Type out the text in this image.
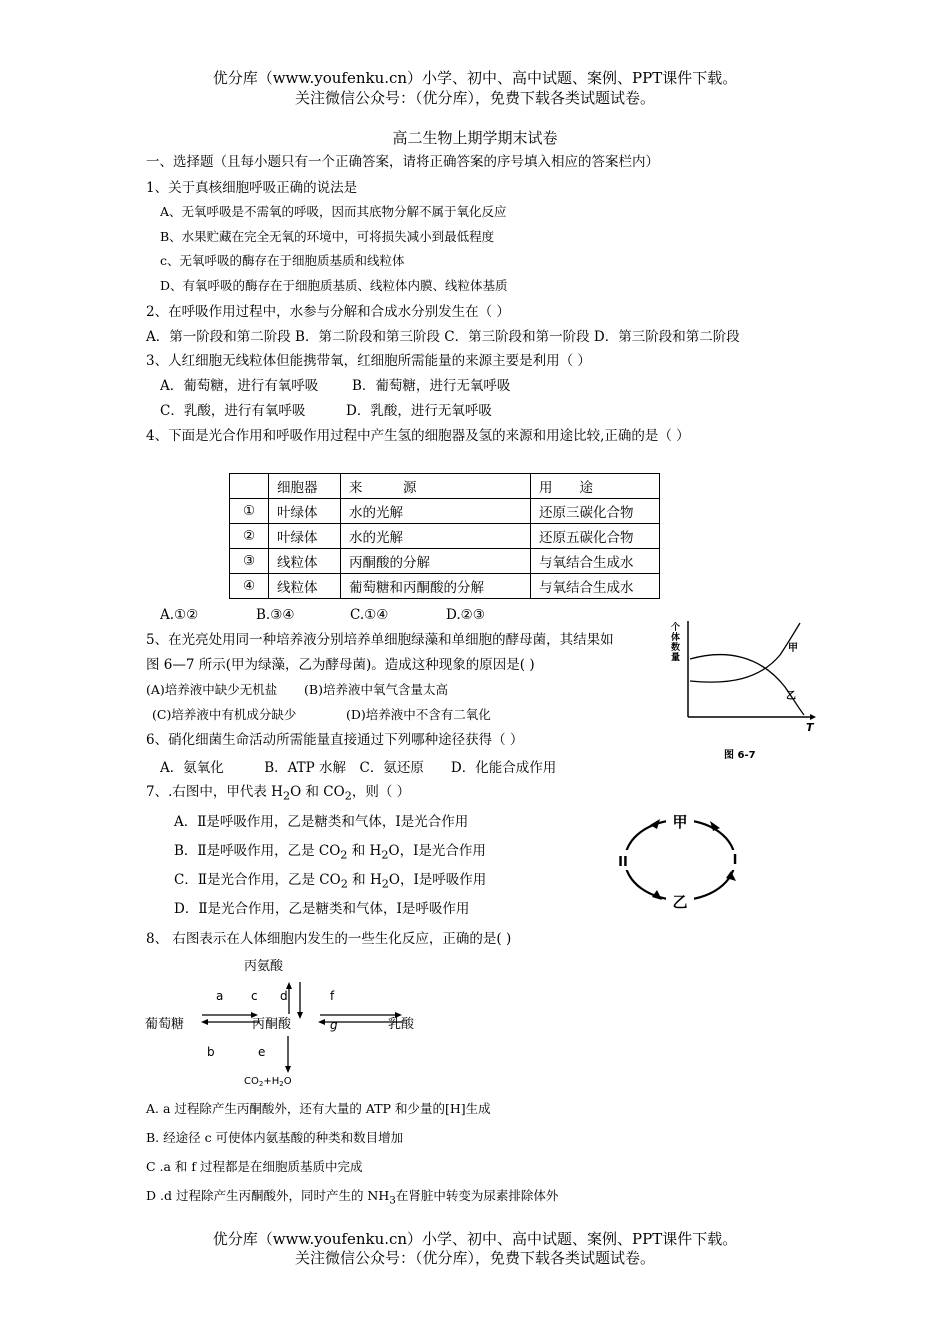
优分库（www.youfenku.cn）小学、初中、高中试题、案例、PPT课件下载。
关注微信公众号：（优分库），免费下载各类试题试卷。
高二生物上期学期末试卷
一、选择题（且每小题只有一个正确答案，请将正确答案的序号填入相应的答案栏内）
1、关于真核细胞呼吸正确的说法是
A、无氧呼吸是不需氧的呼吸，因而其底物分解不属于氧化反应
B、水果贮藏在完全无氧的环境中，可将损失减小到最低程度
c、无氧呼吸的酶存在于细胞质基质和线粒体
D、有氧呼吸的酶存在于细胞质基质、线粒体内膜、线粒体基质
2、在呼吸作用过程中，水参与分解和合成水分别发生在（ ）
A．第一阶段和第二阶段 B．第二阶段和第三阶段 C．第三阶段和第一阶段 D．第三阶段和第二阶段
3、人红细胞无线粒体但能携带氧，红细胞所需能量的来源主要是利用（ ）
A．葡萄糖，进行有氧呼吸	B．葡萄糖，进行无氧呼吸
C．乳酸，进行有氧呼吸	D．乳酸，进行无氧呼吸
4、下面是光合作用和呼吸作用过程中产生氢的细胞器及氢的来源和用途比较,正确的是（ ）
	细胞器	来　　　源	用　　途
①	叶绿体	水的光解	还原三碳化合物
②	叶绿体	水的光解	还原五碳化合物
③	线粒体	丙酮酸的分解	与氧结合生成水
④	线粒体	葡萄糖和丙酮酸的分解	与氧结合生成水
A.①②	B.③④	C.①④	D.②③
5、在光亮处用同一种培养液分别培养单细胞绿藻和单细胞的酵母菌，其结果如
图 6—7 所示(甲为绿藻，乙为酵母菌)。造成这种现象的原因是( )
(A)培养液中缺少无机盐 (B)培养液中氧气含量太高
(C)培养液中有机成分缺少	(D)培养液中不含有二氧化
个
体
数
量
甲
乙
T
图 6-7
6、硝化细菌生命活动所需能量直接通过下列哪种途径获得（ ）
A．氨氧化　　　B．ATP 水解　C．氨还原　　D．化能合成作用
7、.右图中，甲代表 $H_2O$ 和 $CO_2$，则（ ）
A．Ⅱ是呼吸作用，乙是糖类和气体，Ⅰ是光合作用
B．Ⅱ是呼吸作用，乙是 $CO_2$ 和 $H_2O$，Ⅰ是光合作用
C．Ⅱ是光合作用，乙是 $CO_2$ 和 $H_2O$，Ⅰ是呼吸作用
D．Ⅱ是光合作用，乙是糖类和气体，Ⅰ是呼吸作用
甲
乙
II	I
8、 右图表示在人体细胞内发生的一些生化反应，正确的是( )
丙氨酸
葡萄糖	丙酮酸	乳酸
a c d	f
b	e
g
$CO_2+H_2O$
A. a 过程除产生丙酮酸外，还有大量的 ATP 和少量的[H]生成
B. 经途径 c 可使体内氨基酸的种类和数目增加
C .a 和 f 过程都是在细胞质基质中完成
D .d 过程除产生丙酮酸外，同时产生的 $NH_3$在肾脏中转变为尿素排除体外
优分库（www.youfenku.cn）小学、初中、高中试题、案例、PPT课件下载。
关注微信公众号：（优分库），免费下载各类试题试卷。
